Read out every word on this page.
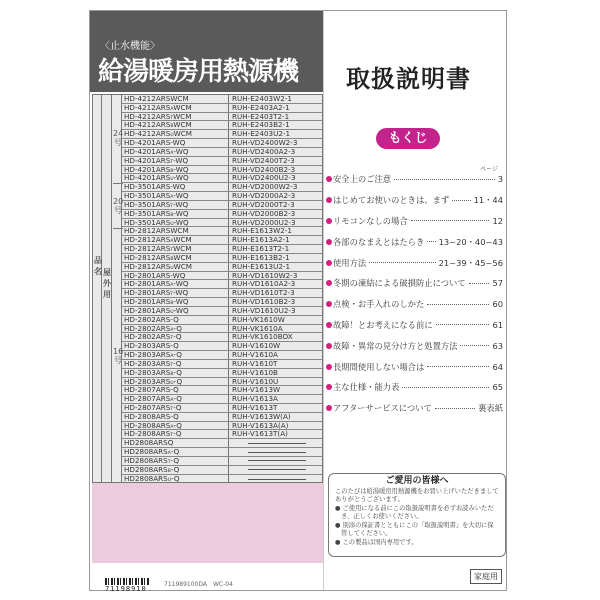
〈止水機能〉
給湯暖房用熱源機
品名 屋外用
24号
20号
16号
HD-4212ARSWCM	RUH-E2403W2-1
HD-4212ARSAWCM	RUH-E2403A2-1
HD-4212ARSTWCM	RUH-E2403T2-1
HD-4212ARSBWCM	RUH-E2403B2-1
HD-4212ARSUWCM	RUH-E2403U2-1
HD-4201ARS-WQ	RUH-VD2400W2-3
HD-4201ARSA-WQ	RUH-VD2400A2-3
HD-4201ARST-WQ	RUH-VD2400T2-3
HD-4201ARSB-WQ	RUH-VD2400B2-3
HD-4201ARSU-WQ	RUH-VD2400U2-3
HD-3501ARS-WQ	RUH-VD2000W2-3
HD-3501ARSA-WQ	RUH-VD2000A2-3
HD-3501ARST-WQ	RUH-VD2000T2-3
HD-3501ARSB-WQ	RUH-VD2000B2-3
HD-3501ARSU-WQ	RUH-VD2000U2-3
HD-2812ARSWCM	RUH-E1613W2-1
HD-2812ARSAWCM	RUH-E1613A2-1
HD-2812ARSTWCM	RUH-E1613T2-1
HD-2812ARSBWCM	RUH-E1613B2-1
HD-2812ARSUWCM	RUH-E1613U2-1
HD-2801ARS-WQ	RUH-VD1610W2-3
HD-2801ARSA-WQ	RUH-VD1610A2-3
HD-2801ARST-WQ	RUH-VD1610T2-3
HD-2801ARSB-WQ	RUH-VD1610B2-3
HD-2801ARSU-WQ	RUH-VD1610U2-3
HD-2802ARS-Q	RUH-VK1610W
HD-2802ARSA-Q	RUH-VK1610A
HD-2802ARST-Q	RUH-VK1610BOX
HD-2803ARS-Q	RUH-V1610W
HD-2803ARSA-Q	RUH-V1610A
HD-2803ARST-Q	RUH-V1610T
HD-2803ARSB-Q	RUH-V1610B
HD-2803ARSU-Q	RUH-V1610U
HD-2807ARS-Q	RUH-V1613W
HD-2807ARSA-Q	RUH-V1613A
HD-2807ARST-Q	RUH-V1613T
HD-2808ARS-Q	RUH-V1613W(A)
HD-2808ARSA-Q	RUH-V1613A(A)
HD-2808ARST-Q	RUH-V1613T(A)
HD2808ARSQ
HD2808ARSA-Q
HD2808ARST-Q
HD2808ARSB-Q
HD2808ARSU-Q
71198910
711989100DA　WC-04
取扱説明書
もくじ
ページ
安全上のご注意	3
はじめてお使いのときは、まず	11・44
リモコンなしの場合	12
各部のなまえとはたらき 13~20・40~43
使用方法	21~39・45~56
冬期の凍結による破損防止について	57
点検・お手入れのしかた	60
故障！とお考えになる前に	61
故障・異常の見分け方と処置方法	63
長期間使用しない場合は	64
主な仕様・能力表	65
アフターサービスについて	裏表紙
ご愛用の皆様へ

このたびは給湯暖房用熱源機をお買い上げいただきましてありがとうございます。

● ご使用になる前にこの取扱説明書を必ずお読みいただき、正しくお使いください。
● 別添の保証書とともにこの「取扱説明書」を大切に保管してください。
● この製品は国内専用です。
家庭用
